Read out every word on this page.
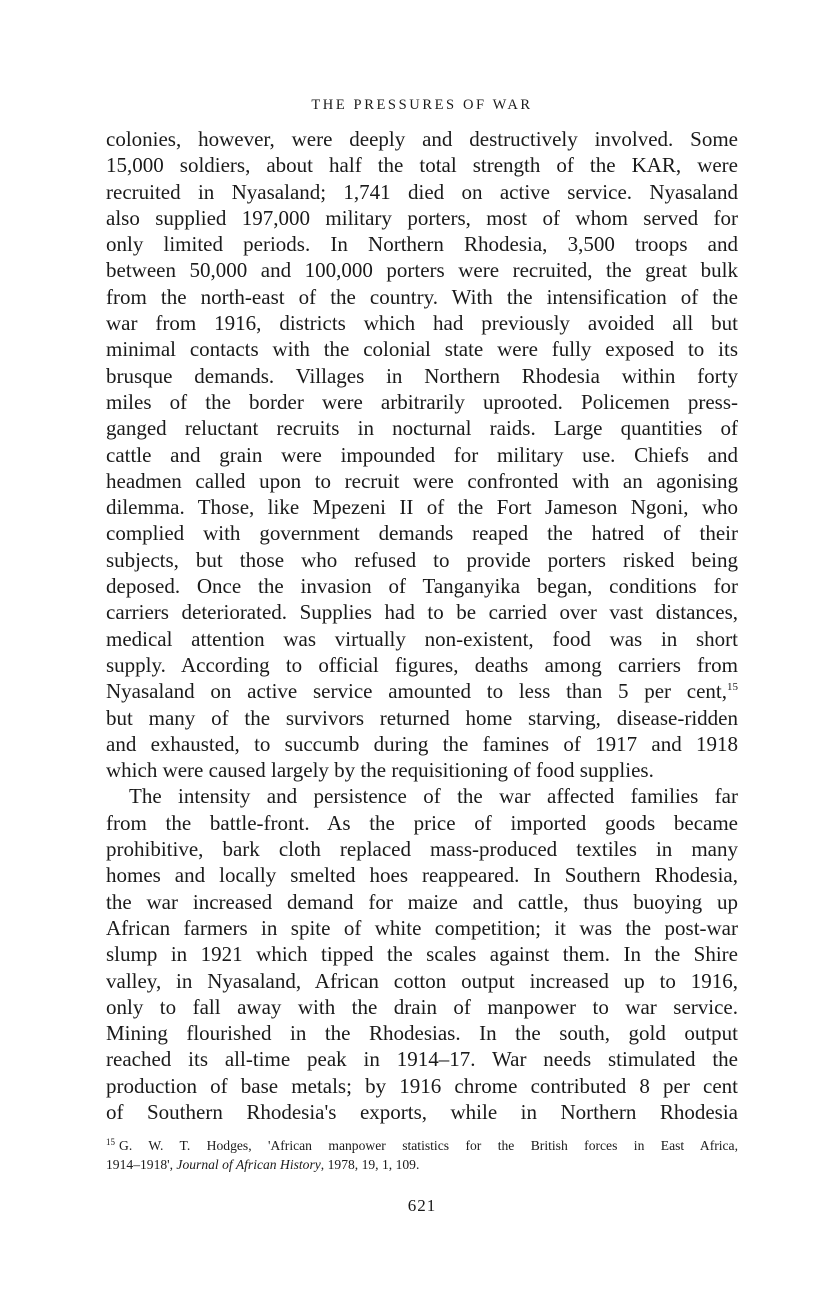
THE PRESSURES OF WAR
colonies, however, were deeply and destructively involved. Some
15,000 soldiers, about half the total strength of the KAR, were
recruited in Nyasaland; 1,741 died on active service. Nyasaland
also supplied 197,000 military porters, most of whom served for
only limited periods. In Northern Rhodesia, 3,500 troops and
between 50,000 and 100,000 porters were recruited, the great bulk
from the north-east of the country. With the intensification of the
war from 1916, districts which had previously avoided all but
minimal contacts with the colonial state were fully exposed to its
brusque demands. Villages in Northern Rhodesia within forty
miles of the border were arbitrarily uprooted. Policemen press-
ganged reluctant recruits in nocturnal raids. Large quantities of
cattle and grain were impounded for military use. Chiefs and
headmen called upon to recruit were confronted with an agonising
dilemma. Those, like Mpezeni II of the Fort Jameson Ngoni, who
complied with government demands reaped the hatred of their
subjects, but those who refused to provide porters risked being
deposed. Once the invasion of Tanganyika began, conditions for
carriers deteriorated. Supplies had to be carried over vast distances,
medical attention was virtually non-existent, food was in short
supply. According to official figures, deaths among carriers from
Nyasaland on active service amounted to less than 5 per cent,$^{15}$
but many of the survivors returned home starving, disease-ridden
and exhausted, to succumb during the famines of 1917 and 1918
which were caused largely by the requisitioning of food supplies.
The intensity and persistence of the war affected families far
from the battle-front. As the price of imported goods became
prohibitive, bark cloth replaced mass-produced textiles in many
homes and locally smelted hoes reappeared. In Southern Rhodesia,
the war increased demand for maize and cattle, thus buoying up
African farmers in spite of white competition; it was the post-war
slump in 1921 which tipped the scales against them. In the Shire
valley, in Nyasaland, African cotton output increased up to 1916,
only to fall away with the drain of manpower to war service.
Mining flourished in the Rhodesias. In the south, gold output
reached its all-time peak in 1914–17. War needs stimulated the
production of base metals; by 1916 chrome contributed 8 per cent
of Southern Rhodesia's exports, while in Northern Rhodesia
$^{15}$ G. W. T. Hodges, 'African manpower statistics for the British forces in East Africa,
1914–1918', Journal of African History, 1978, 19, 1, 109.
621
